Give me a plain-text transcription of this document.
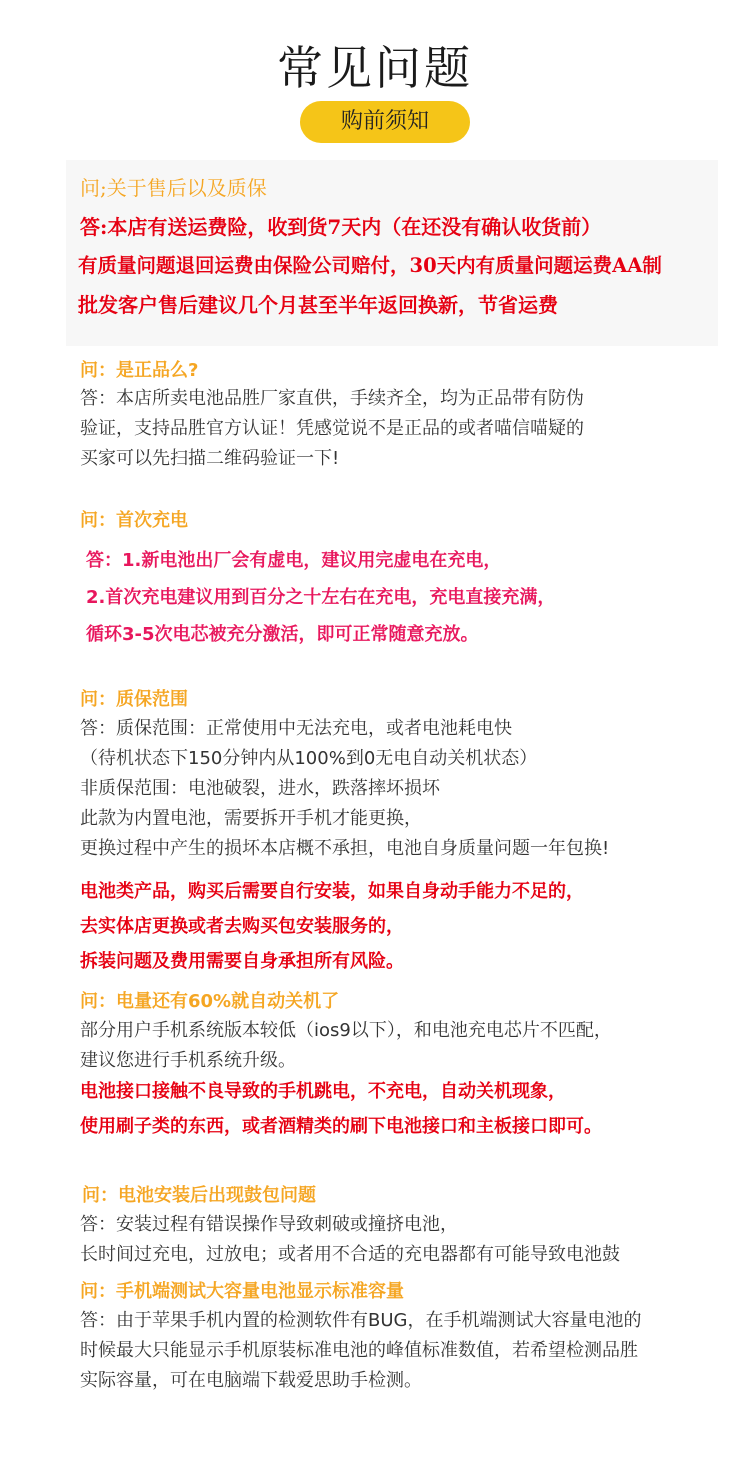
常见问题
购前须知
问;关于售后以及质保
答:本店有送运费险，收到货7天内（在还没有确认收货前）
有质量问题退回运费由保险公司赔付，30天内有质量问题运费AA制
批发客户售后建议几个月甚至半年返回换新，节省运费
问：是正品么?
答：本店所卖电池品胜厂家直供，手续齐全，均为正品带有防伪
验证，支持品胜官方认证！凭感觉说不是正品的或者喵信喵疑的
买家可以先扫描二维码验证一下!
问：首次充电
答：1.新电池出厂会有虚电，建议用完虚电在充电，
2.首次充电建议用到百分之十左右在充电，充电直接充满，
循环3-5次电芯被充分激活，即可正常随意充放。
问：质保范围
答：质保范围：正常使用中无法充电，或者电池耗电快
（待机状态下150分钟内从100%到0无电自动关机状态）
非质保范围：电池破裂，进水，跌落摔坏损坏
此款为内置电池，需要拆开手机才能更换，
更换过程中产生的损坏本店概不承担，电池自身质量问题一年包换!
电池类产品，购买后需要自行安装，如果自身动手能力不足的，
去实体店更换或者去购买包安装服务的，
拆装问题及费用需要自身承担所有风险。
问：电量还有60%就自动关机了
部分用户手机系统版本较低（ios9以下），和电池充电芯片不匹配，
建议您进行手机系统升级。
电池接口接触不良导致的手机跳电，不充电，自动关机现象，
使用刷子类的东西，或者酒精类的刷下电池接口和主板接口即可。
问：电池安装后出现鼓包问题
答：安装过程有错误操作导致刺破或撞挤电池，
长时间过充电，过放电；或者用不合适的充电器都有可能导致电池鼓
问：手机端测试大容量电池显示标准容量
答：由于苹果手机内置的检测软件有BUG，在手机端测试大容量电池的
时候最大只能显示手机原装标准电池的峰值标准数值，若希望检测品胜
实际容量，可在电脑端下载爱思助手检测。
